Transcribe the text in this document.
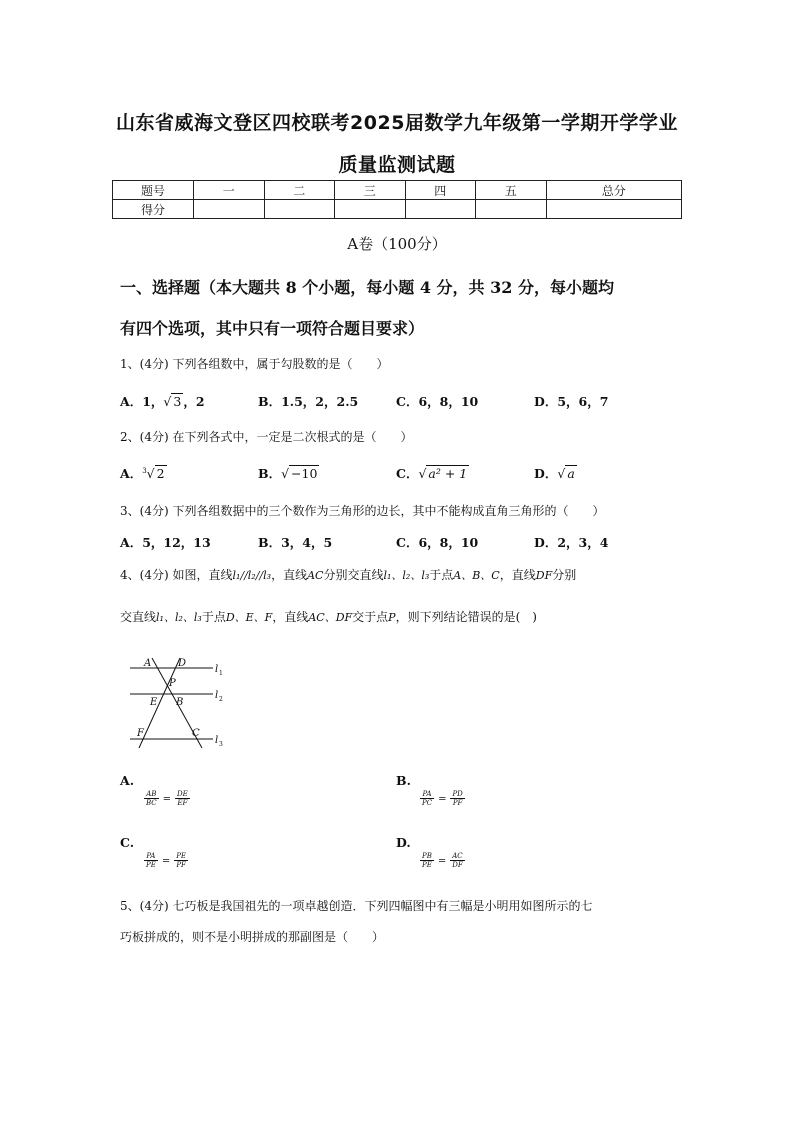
山东省威海文登区四校联考2025届数学九年级第一学期开学学业
质量监测试题
题号	一	二	三	四	五	总分
得分						
A卷（100分）
一、选择题（本大题共 8 个小题，每小题 4 分，共 32 分，每小题均
有四个选项，其中只有一项符合题目要求）
1、(4分) 下列各组数中，属于勾股数的是（　　）
A．1，√ 3 ，2	B．1.5，2，2.5	C．6，8，10	D．5，6，7
2、(4分) 在下列各式中，一定是二次根式的是（　　）
A．$^3$√ 2	B．√ −10	C．√ a² + 1	D．√ a
3、(4分) 下列各组数据中的三个数作为三角形的边长，其中不能构成直角三角形的（　　）
A．5，12，13	B．3，4，5	C．6，8，10	D．2，3，4
4、(4分) 如图，直线l₁//l₂//l₃，直线AC分别交直线l₁、l₂、l₃于点A、B、C，直线DF分别
交直线l₁、l₂、l₃于点D、E、F，直线AC、DF交于点P，则下列结论错误的是(　)
A	D
P
E B
F	C
l 1
l 2
l 3
A.
$\frac{AB}{BC} = \frac{DE}{EF}$
B.
$\frac{PA}{PC} = \frac{PD}{PF}$
C.
$\frac{PA}{PE} = \frac{PE}{PF}$
D.
$\frac{PB}{PE} = \frac{AC}{DF}$
5、(4分) 七巧板是我国祖先的一项卓越创造．下列四幅图中有三幅是小明用如图所示的七
巧板拼成的，则不是小明拼成的那副图是（　　）
